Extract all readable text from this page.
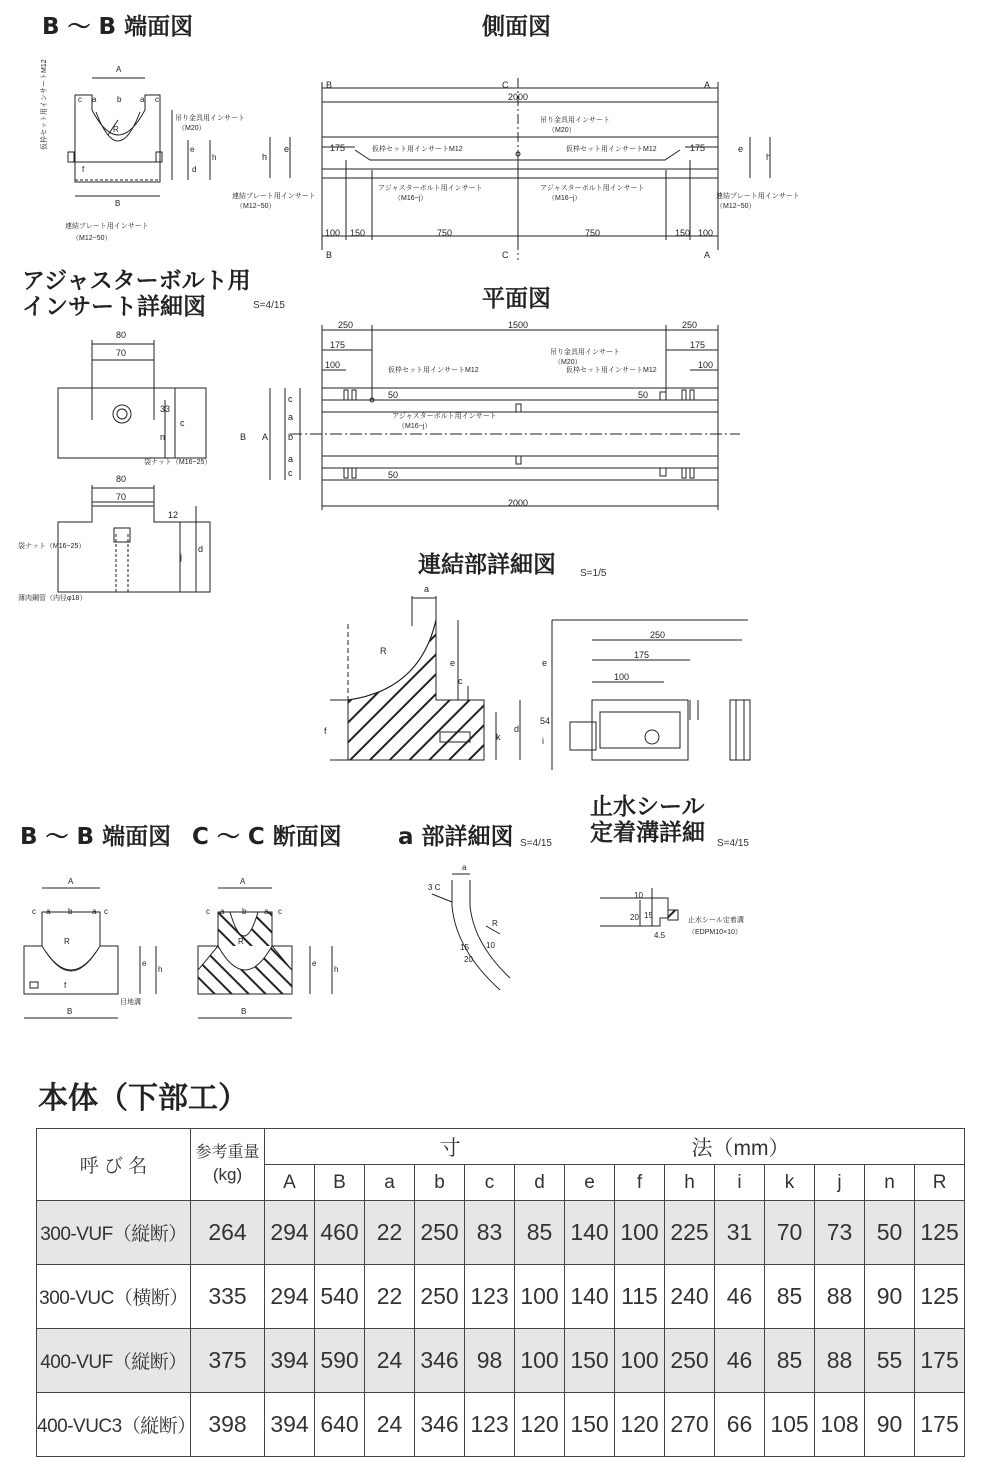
B ～ B 端面図	側面図
アジャスターボルト用
インサート詳細図	S=4/15	平面図
連結部詳細図 S=1/5
B ～ B 端面図 C ～ C 断面図 a 部詳細図 S=4/15
止水シール
定着溝詳細 S=4/15
A
c a	b a c
R
f
B
e
d
h
吊り金具用インサート
（M20）
連結プレート用インサート
（M12−50）
仮枠セット用インサートM12	2000
175	175
100 150	750	750	150 100
B	A
C
B	A
C
h
e	e
h
仮枠セット用インサートM12	仮枠セット用インサートM12
吊り金具用インサート
（M20）
アジャスターボルト用インサート
（M16−j）
アジャスターボルト用インサート
（M16−j）
連結プレート用インサート
（M12−50）
連結プレート用インサート
（M12−50）
80
70
33
n
c
袋ナット（M16−25）
80
70
12
j
d
袋ナット（M16−25）
薄肉鋼管（内径φ18）
250	1500	250
175	175
100	100
2000
50	50
50
B A
c
a
b
a
c
仮枠セット用インサートM12	仮枠セット用インサートM12
吊り金具用インサート
（M20）
アジャスターボルト用インサート
（M16−j）
a
R
e
c
f
k
d
250
175
100
e
54
i
A
c a b a c
R
f
B
e
h
目地溝
A
c a b a c
R
B
e
h
a
3 C
R
15
20
10
10
20 15
4.5
止水シール定着溝
（EDPM10×10）
本体（下部工）
呼 び 名	参考重量
(kg)	寸　　　　　　　　　　　法（mm）													
		A	B	a	b	c	d	e	f	h	i	k	j	n	R
300-VUF（縦断）	264	294	460	22	250	83	85	140	100	225	31	70	73	50	125
300-VUC（横断）	335	294	540	22	250	123	100	140	115	240	46	85	88	90	125
400-VUF（縦断）	375	394	590	24	346	98	100	150	100	250	46	85	88	55	175
400-VUC3（縦断）	398	394	640	24	346	123	120	150	120	270	66	105	108	90	175
